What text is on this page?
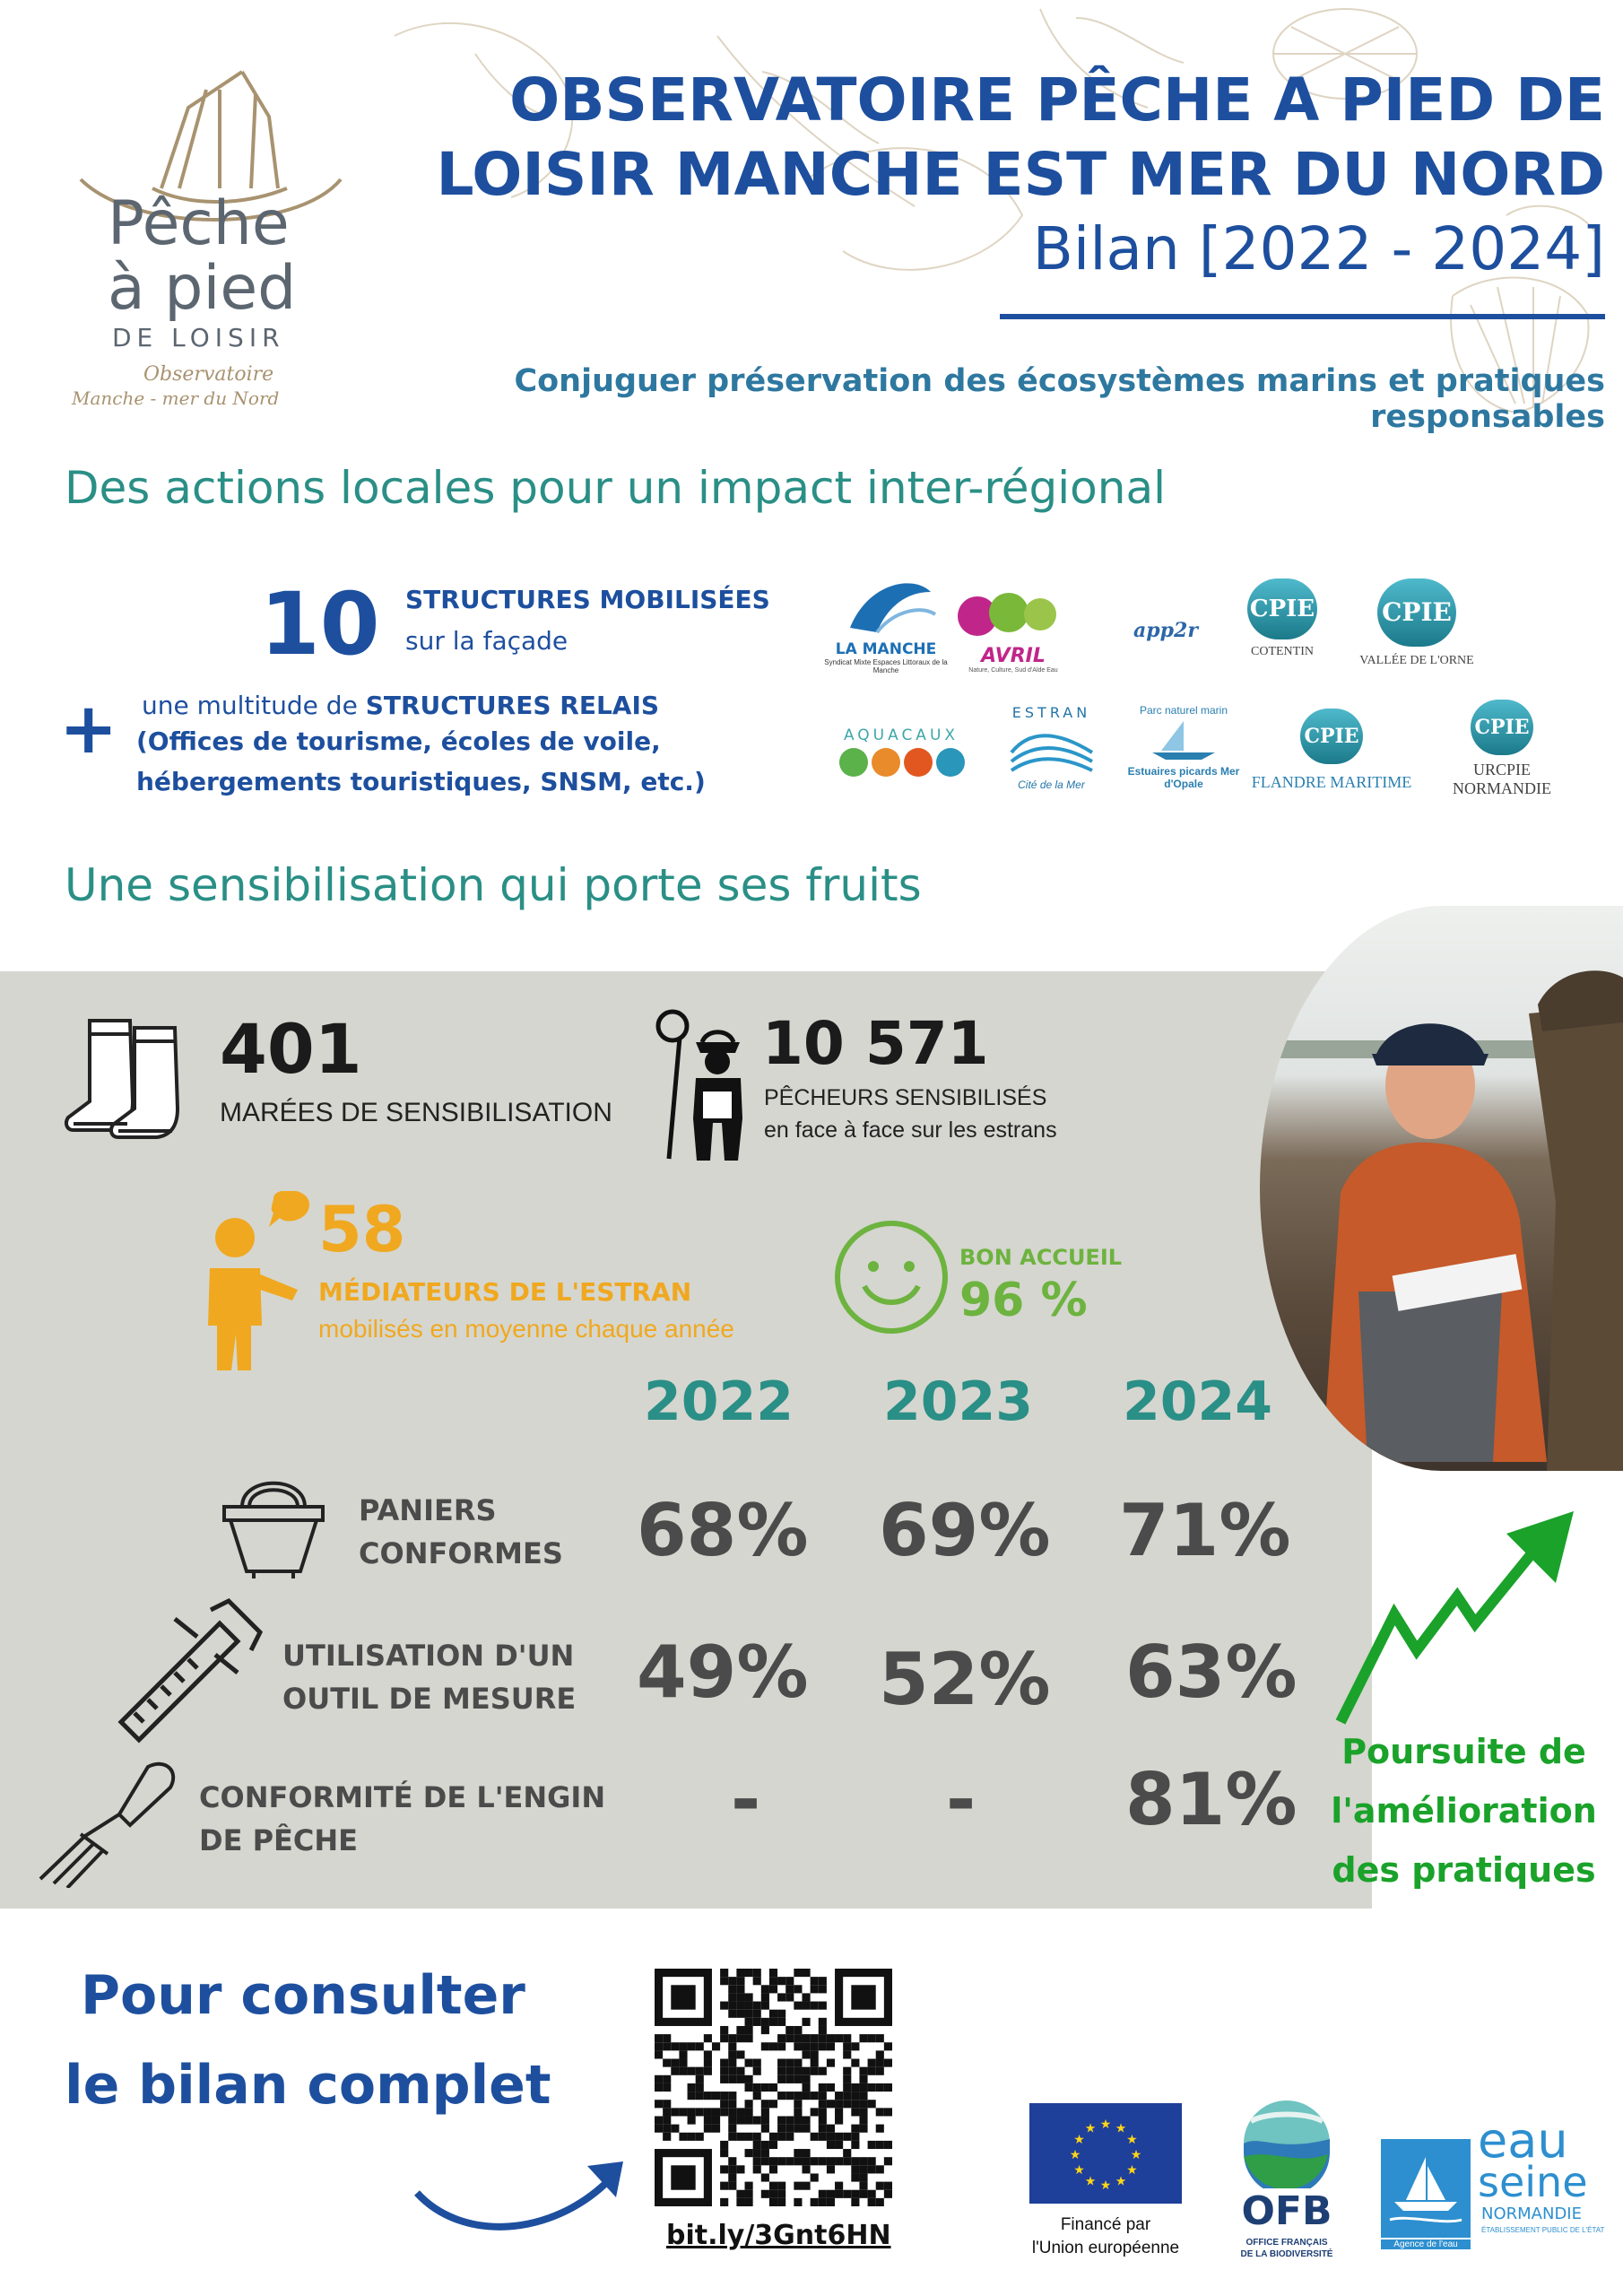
Pêche
à pied
DE LOISIR
Observatoire
Manche - mer du Nord
OBSERVATOIRE PÊCHE A PIED DE
LOISIR MANCHE EST MER DU NORD
Bilan [2022 - 2024]
Conjuguer préservation des écosystèmes marins et pratiques responsables
Des actions locales pour un impact inter-régional
10 STRUCTURES MOBILISÉES
sur la façade
+ une multitude de STRUCTURES RELAIS
(Offices de tourisme, écoles de voile,
hébergements touristiques, SNSM, etc.)
LA MANCHE
Syndicat Mixte Espaces Littoraux de la Manche
AVRIL
Nature, Culture, Sud d'Alde Eau
app2r
CPIE
COTENTIN
CPIE
VALLÉE DE L'ORNE
AQUACAUX
ESTRAN
Cité de la Mer
Parc naturel marin
Estuaires picards Mer d'Opale
CPIE
FLANDRE MARITIME
CPIE
URCPIE
NORMANDIE
Une sensibilisation qui porte ses fruits
401
MARÉES DE SENSIBILISATION
10 571
PÊCHEURS SENSIBILISÉS
en face à face sur les estrans
58
MÉDIATEURS DE L'ESTRAN
mobilisés en moyenne chaque année
BON ACCUEIL
96 %
2022 2023 2024
PANIERS
CONFORMES 68% 69% 71%
UTILISATION D'UN
OUTIL DE MESURE 49% 52% 63%
CONFORMITÉ DE L'ENGIN
DE PÊCHE	-	- 81%
Poursuite de
l'amélioration
des pratiques
Pour consulter
le bilan complet
bit.ly/3Gnt6HN
★
★
★
★
★
★
★
★
★ ★ ★
★
Financé par
l'Union européenne
OFB
OFFICE FRANÇAIS
DE LA BIODIVERSITÉ
Agence de l'eau
eau
seine
NORMANDIE
ÉTABLISSEMENT PUBLIC DE L'ÉTAT
